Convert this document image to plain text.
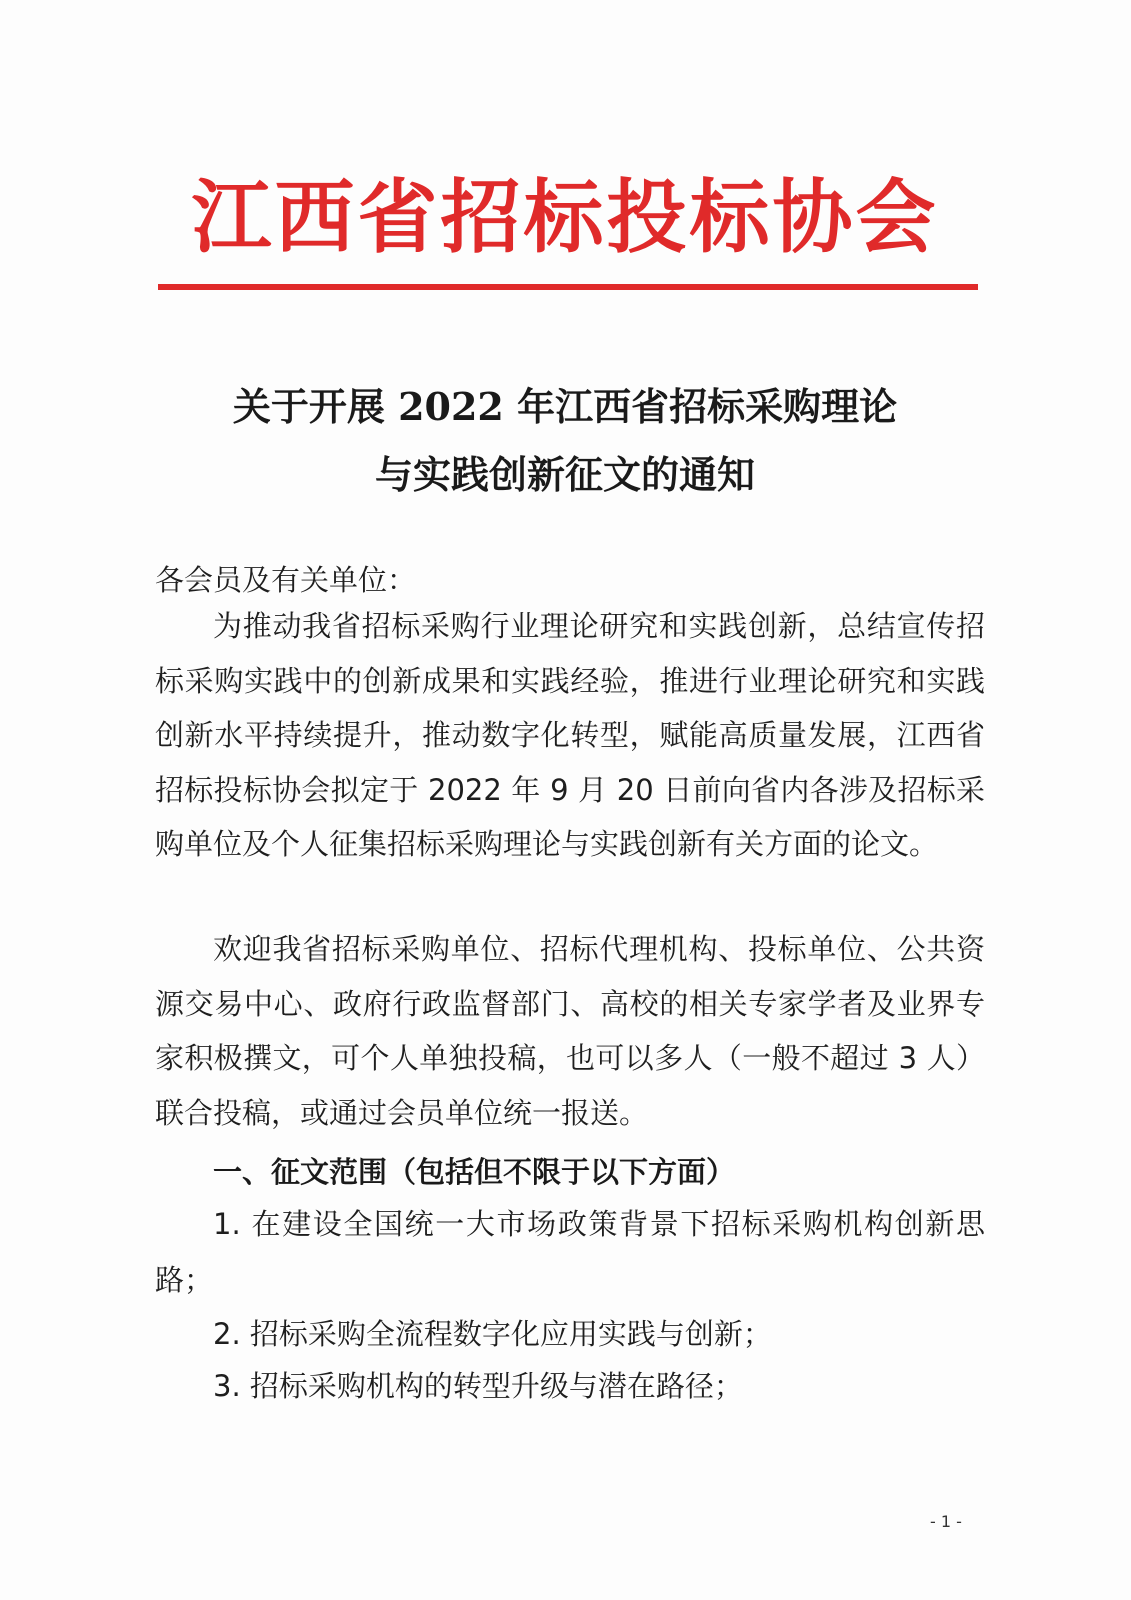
江西省招标投标协会
关于开展 2022 年江西省招标采购理论
与实践创新征文的通知
各会员及有关单位：
为推动我省招标采购行业理论研究和实践创新，总结宣传招标采购实践中的创新成果和实践经验，推进行业理论研究和实践创新水平持续提升，推动数字化转型，赋能高质量发展，江西省招标投标协会拟定于 2022 年 9 月 20 日前向省内各涉及招标采购单位及个人征集招标采购理论与实践创新有关方面的论文。
欢迎我省招标采购单位、招标代理机构、投标单位、公共资源交易中心、政府行政监督部门、高校的相关专家学者及业界专家积极撰文，可个人单独投稿，也可以多人（一般不超过 3 人）联合投稿，或通过会员单位统一报送。
一、征文范围（包括但不限于以下方面）
1. 在建设全国统一大市场政策背景下招标采购机构创新思路；
2. 招标采购全流程数字化应用实践与创新；
3. 招标采购机构的转型升级与潜在路径；
- 1 -
